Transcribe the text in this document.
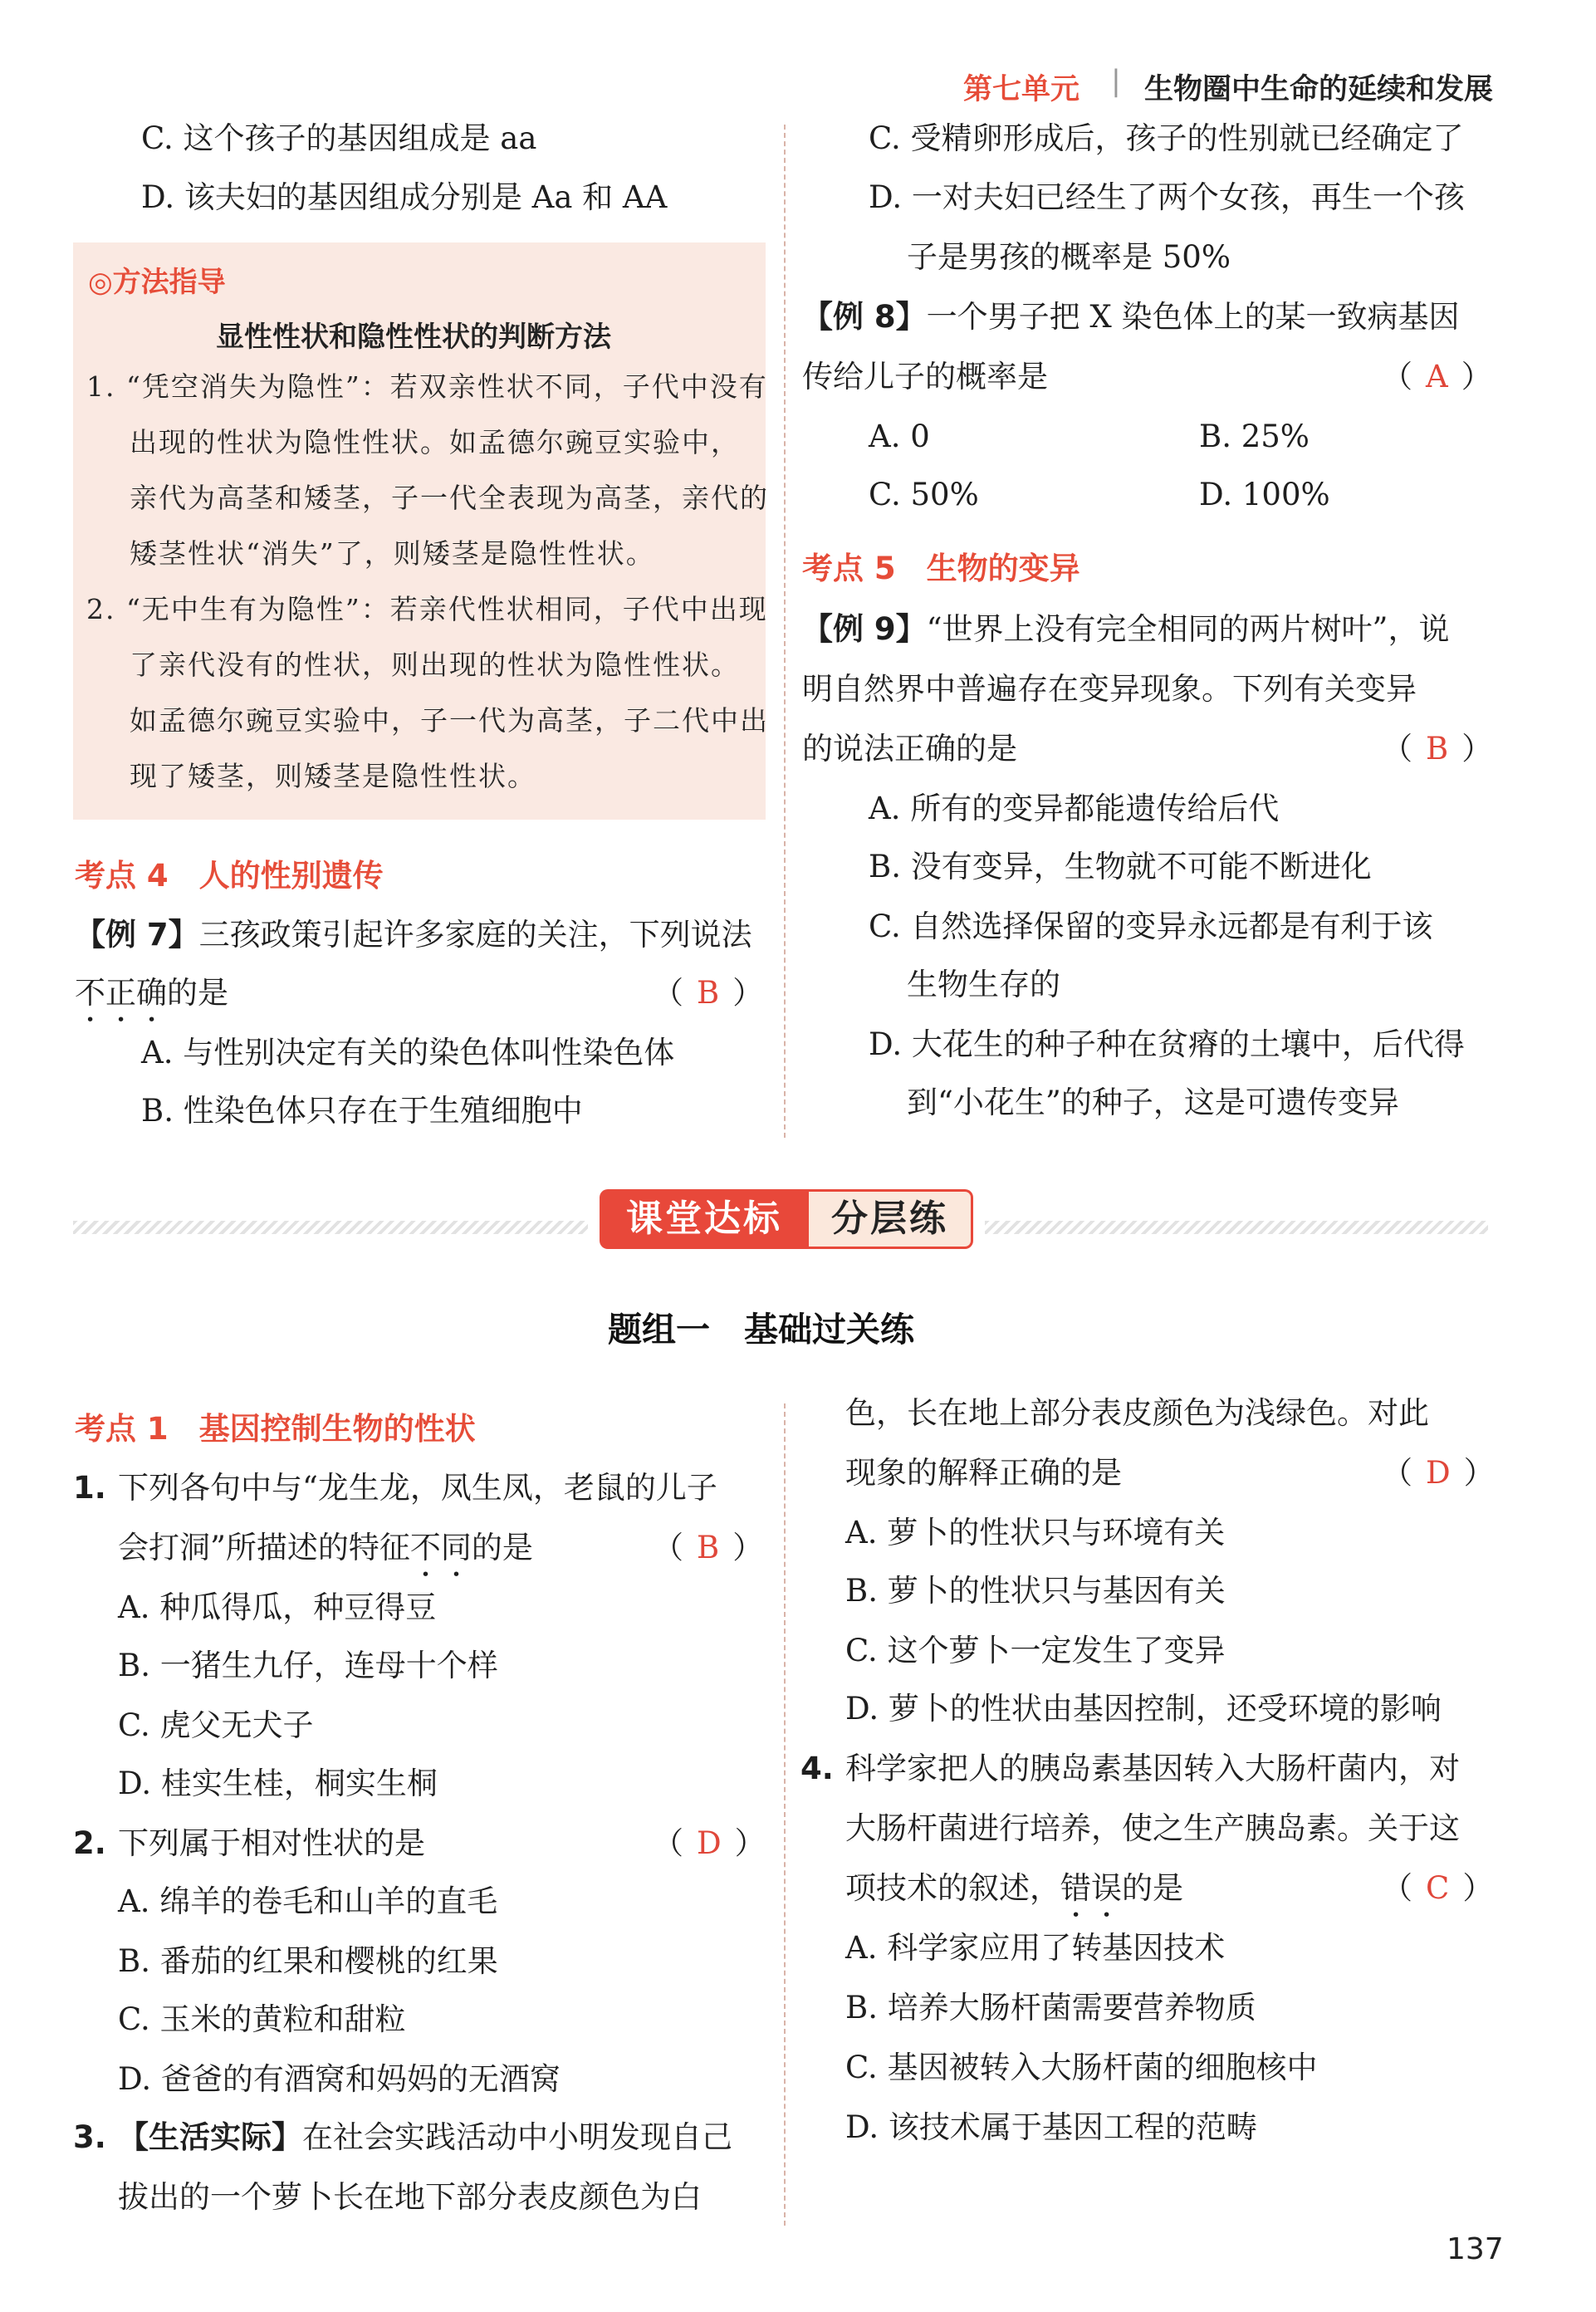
第七单元 | 生物圈中生命的延续和发展
C. 这个孩子的基因组成是 aa
D. 该夫妇的基因组成分别是 Aa 和 AA
◎方法指导
显性性状和隐性性状的判断方法
1. “凭空消失为隐性”：若双亲性状不同，子代中没有
出现的性状为隐性性状。如孟德尔豌豆实验中，
亲代为高茎和矮茎，子一代全表现为高茎，亲代的
矮茎性状“消失”了，则矮茎是隐性性状。
2. “无中生有为隐性”：若亲代性状相同，子代中出现
了亲代没有的性状，则出现的性状为隐性性状。
如孟德尔豌豆实验中，子一代为高茎，子二代中出
现了矮茎，则矮茎是隐性性状。
考点 4　人的性别遗传
【例 7】三孩政策引起许多家庭的关注，下列说法
不正确的是	（ B ）
A. 与性别决定有关的染色体叫性染色体
B. 性染色体只存在于生殖细胞中
C. 受精卵形成后，孩子的性别就已经确定了
D. 一对夫妇已经生了两个女孩，再生一个孩
子是男孩的概率是 50%
【例 8】一个男子把 X 染色体上的某一致病基因
传给儿子的概率是	（ A ）
A. 0	B. 25%
C. 50%	D. 100%
考点 5　生物的变异
【例 9】“世界上没有完全相同的两片树叶”，说
明自然界中普遍存在变异现象。下列有关变异
的说法正确的是	（ B ）
A. 所有的变异都能遗传给后代
B. 没有变异，生物就不可能不断进化
C. 自然选择保留的变异永远都是有利于该
生物生存的
D. 大花生的种子种在贫瘠的土壤中，后代得
到“小花生”的种子，这是可遗传变异
课堂达标	分层练
题组一　基础过关练
考点 1　基因控制生物的性状
1. 下列各句中与“龙生龙，凤生凤，老鼠的儿子
会打洞”所描述的特征不同的是	（ B ）
A. 种瓜得瓜，种豆得豆
B. 一猪生九仔，连母十个样
C. 虎父无犬子
D. 桂实生桂，桐实生桐
2. 下列属于相对性状的是	（ D ）
A. 绵羊的卷毛和山羊的直毛
B. 番茄的红果和樱桃的红果
C. 玉米的黄粒和甜粒
D. 爸爸的有酒窝和妈妈的无酒窝
3. 【生活实际】在社会实践活动中小明发现自己
拔出的一个萝卜长在地下部分表皮颜色为白
色，长在地上部分表皮颜色为浅绿色。对此
现象的解释正确的是	（ D ）
A. 萝卜的性状只与环境有关
B. 萝卜的性状只与基因有关
C. 这个萝卜一定发生了变异
D. 萝卜的性状由基因控制，还受环境的影响
4. 科学家把人的胰岛素基因转入大肠杆菌内，对
大肠杆菌进行培养，使之生产胰岛素。关于这
项技术的叙述，错误的是	（ C ）
A. 科学家应用了转基因技术
B. 培养大肠杆菌需要营养物质
C. 基因被转入大肠杆菌的细胞核中
D. 该技术属于基因工程的范畴
137
